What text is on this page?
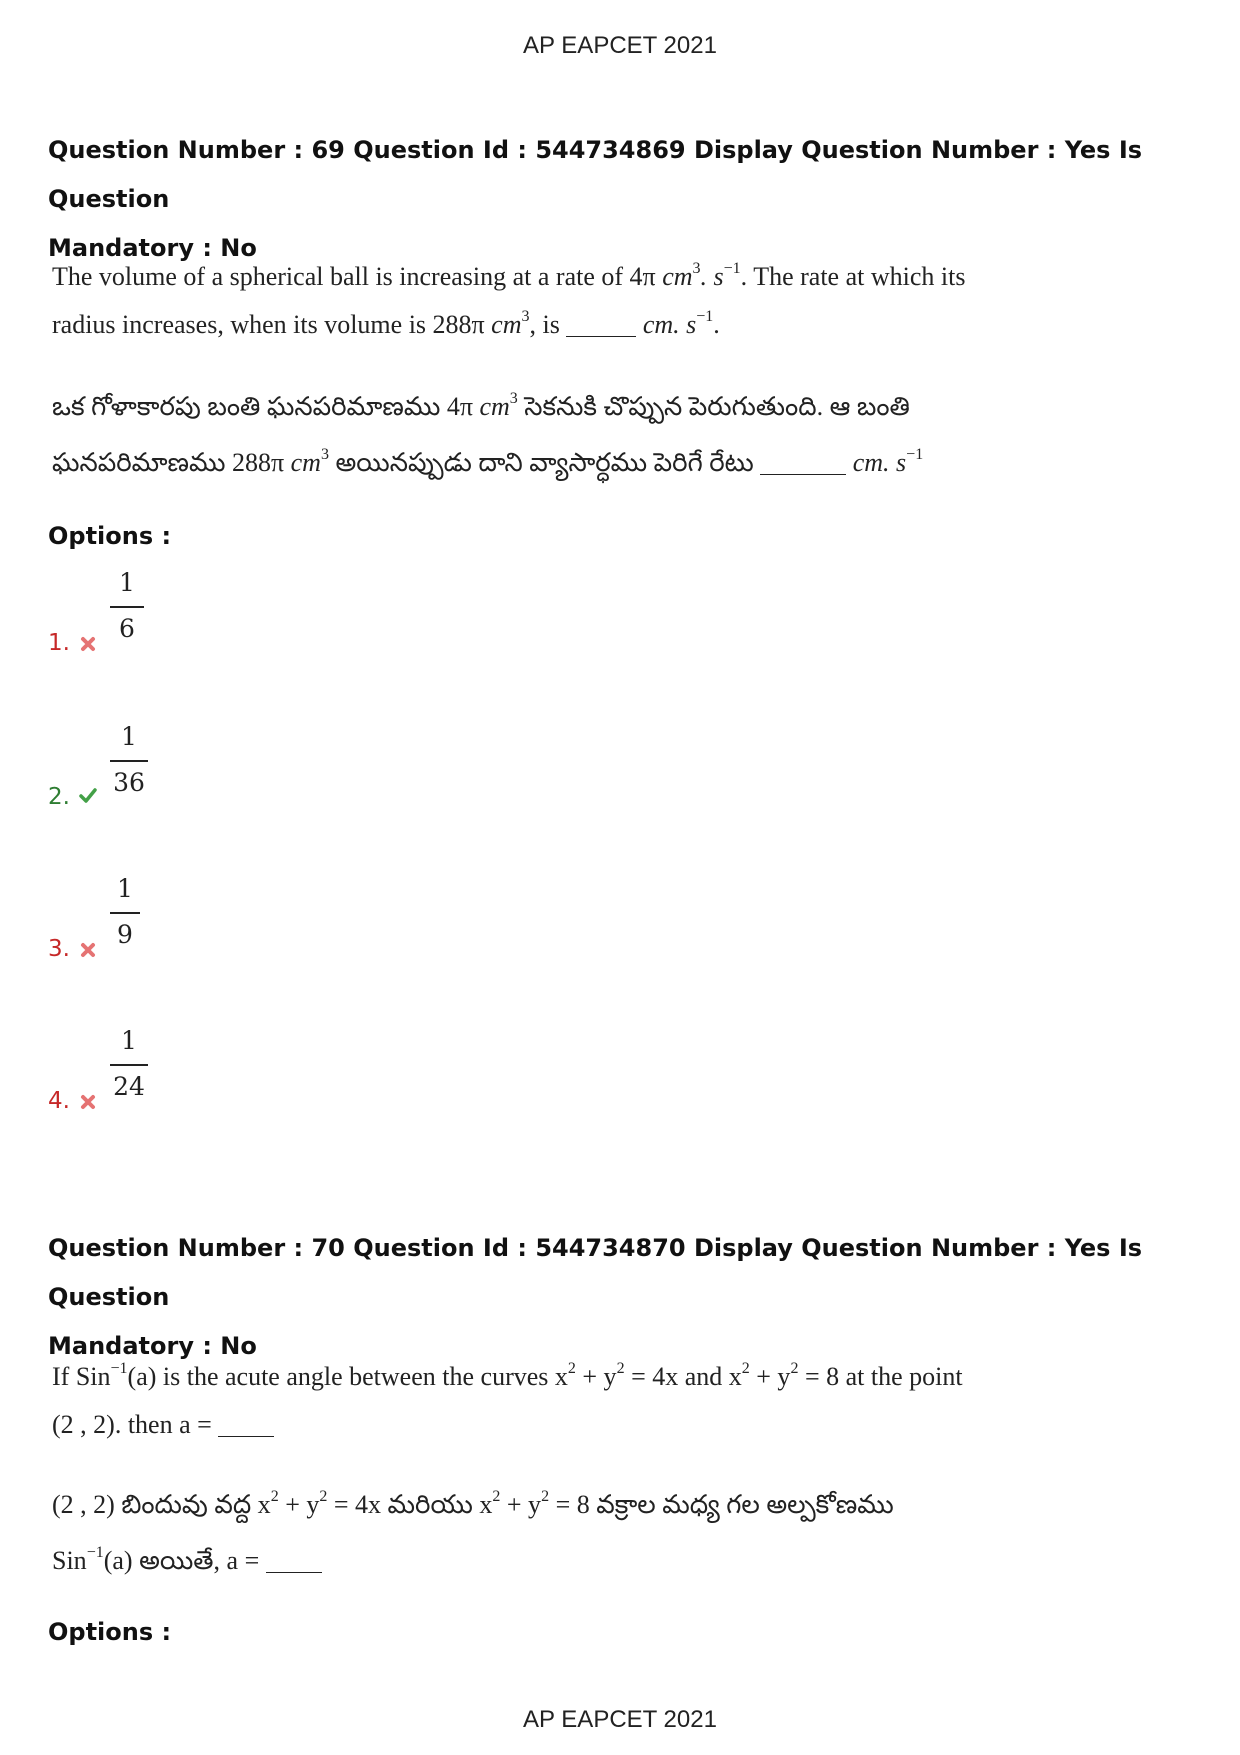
AP EAPCET 2021
Question Number : 69 Question Id : 544734869 Display Question Number : Yes Is Question
Mandatory : No
The volume of a spherical ball is increasing at a rate of 4π $cm^3$. $s^{-1}$. The rate at which its
radius increases, when its volume is 288π $cm^3$, is	cm. $s^{-1}$.
ఒక గోళాకారపు బంతి ఘనపరిమాణము 4π $cm^3$ సెకనుకి చొప్పున పెరుగుతుంది. ఆ బంతి
ఘనపరిమాణము 288π $cm^3$ అయినప్పుడు దాని వ్యాసార్ధము పెరిగే రేటు	cm. $s^{-1}$
Options :
1.
1
6
2.
1
36
3.
1
9
4.
1
24
Question Number : 70 Question Id : 544734870 Display Question Number : Yes Is Question
Mandatory : No
If Sin$^{-1}$(a) is the acute angle between the curves $x^2 + y^2 = 4x$ and $x^2 + y^2 = 8$ at the point
(2 , 2). then a =
(2 , 2) బిందువు వద్ద $x^2 + y^2 = 4x$ మరియు $x^2 + y^2 = 8$ వక్రాల మధ్య గల అల్పకోణము
Sin$^{-1}$(a) అయితే, a =
Options :
AP EAPCET 2021
